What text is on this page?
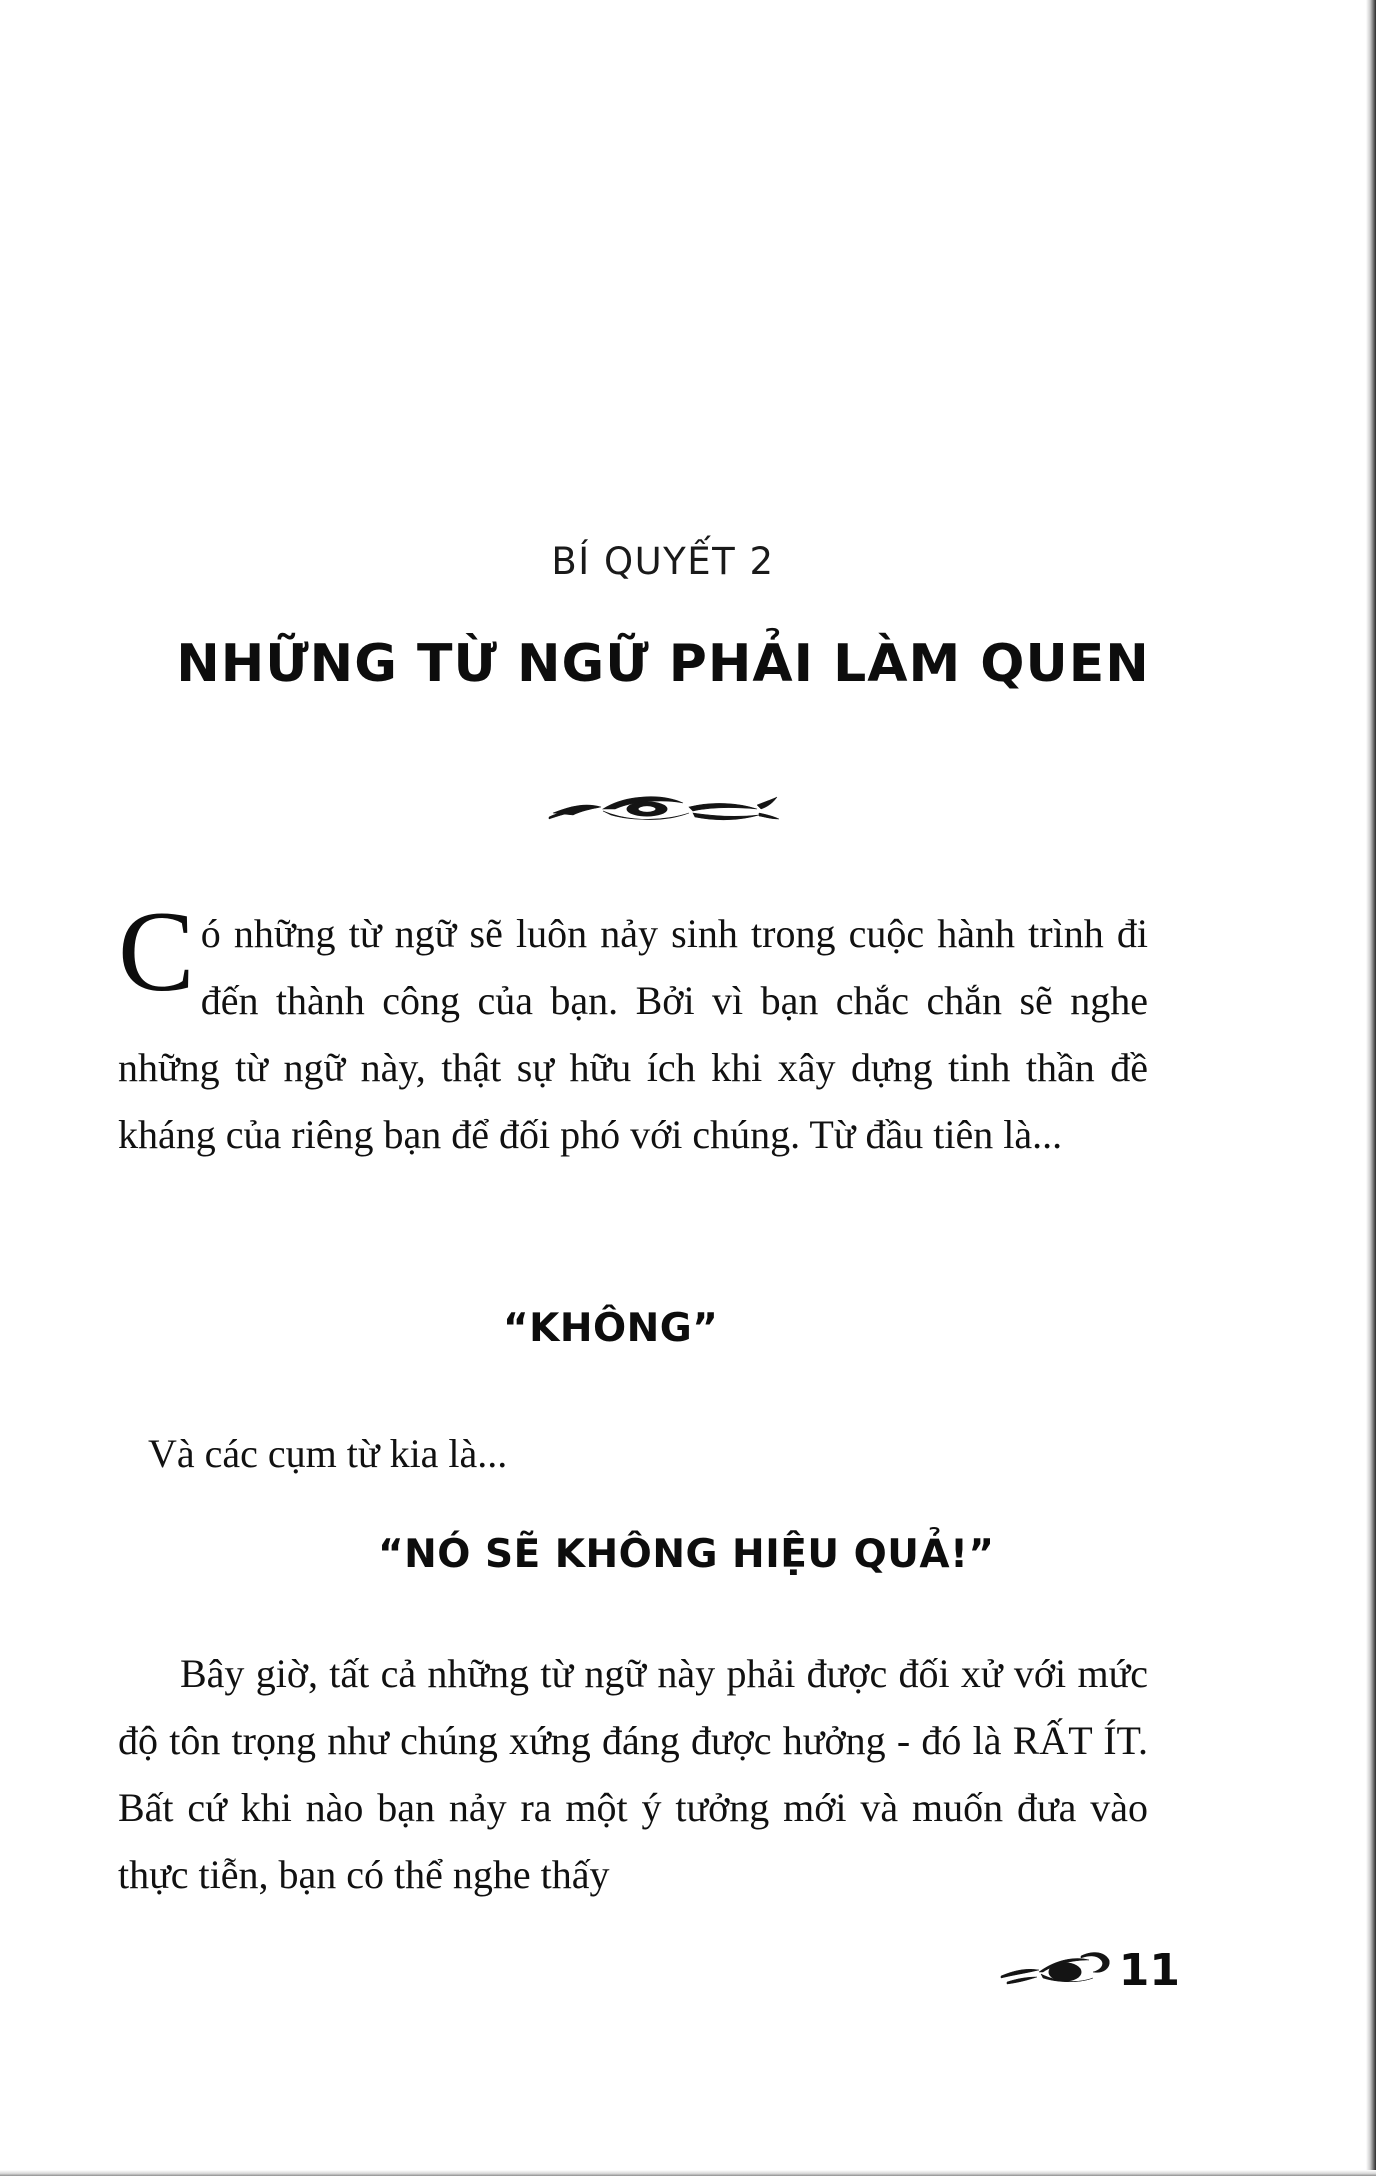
BÍ QUYẾT 2
NHỮNG TỪ NGỮ PHẢI LÀM QUEN
Có những từ ngữ sẽ luôn nảy sinh trong cuộc hành trình đi đến thành công của bạn. Bởi vì bạn chắc chắn sẽ nghe những từ ngữ này, thật sự hữu ích khi xây dựng tinh thần đề kháng của riêng bạn để đối phó với chúng. Từ đầu tiên là...
“KHÔNG”
Và các cụm từ kia là...
“NÓ SẼ KHÔNG HIỆU QUẢ!”
Bây giờ, tất cả những từ ngữ này phải được đối xử với mức độ tôn trọng như chúng xứng đáng được hưởng - đó là RẤT ÍT. Bất cứ khi nào bạn nảy ra một ý tưởng mới và muốn đưa vào thực tiễn, bạn có thể nghe thấy
11
